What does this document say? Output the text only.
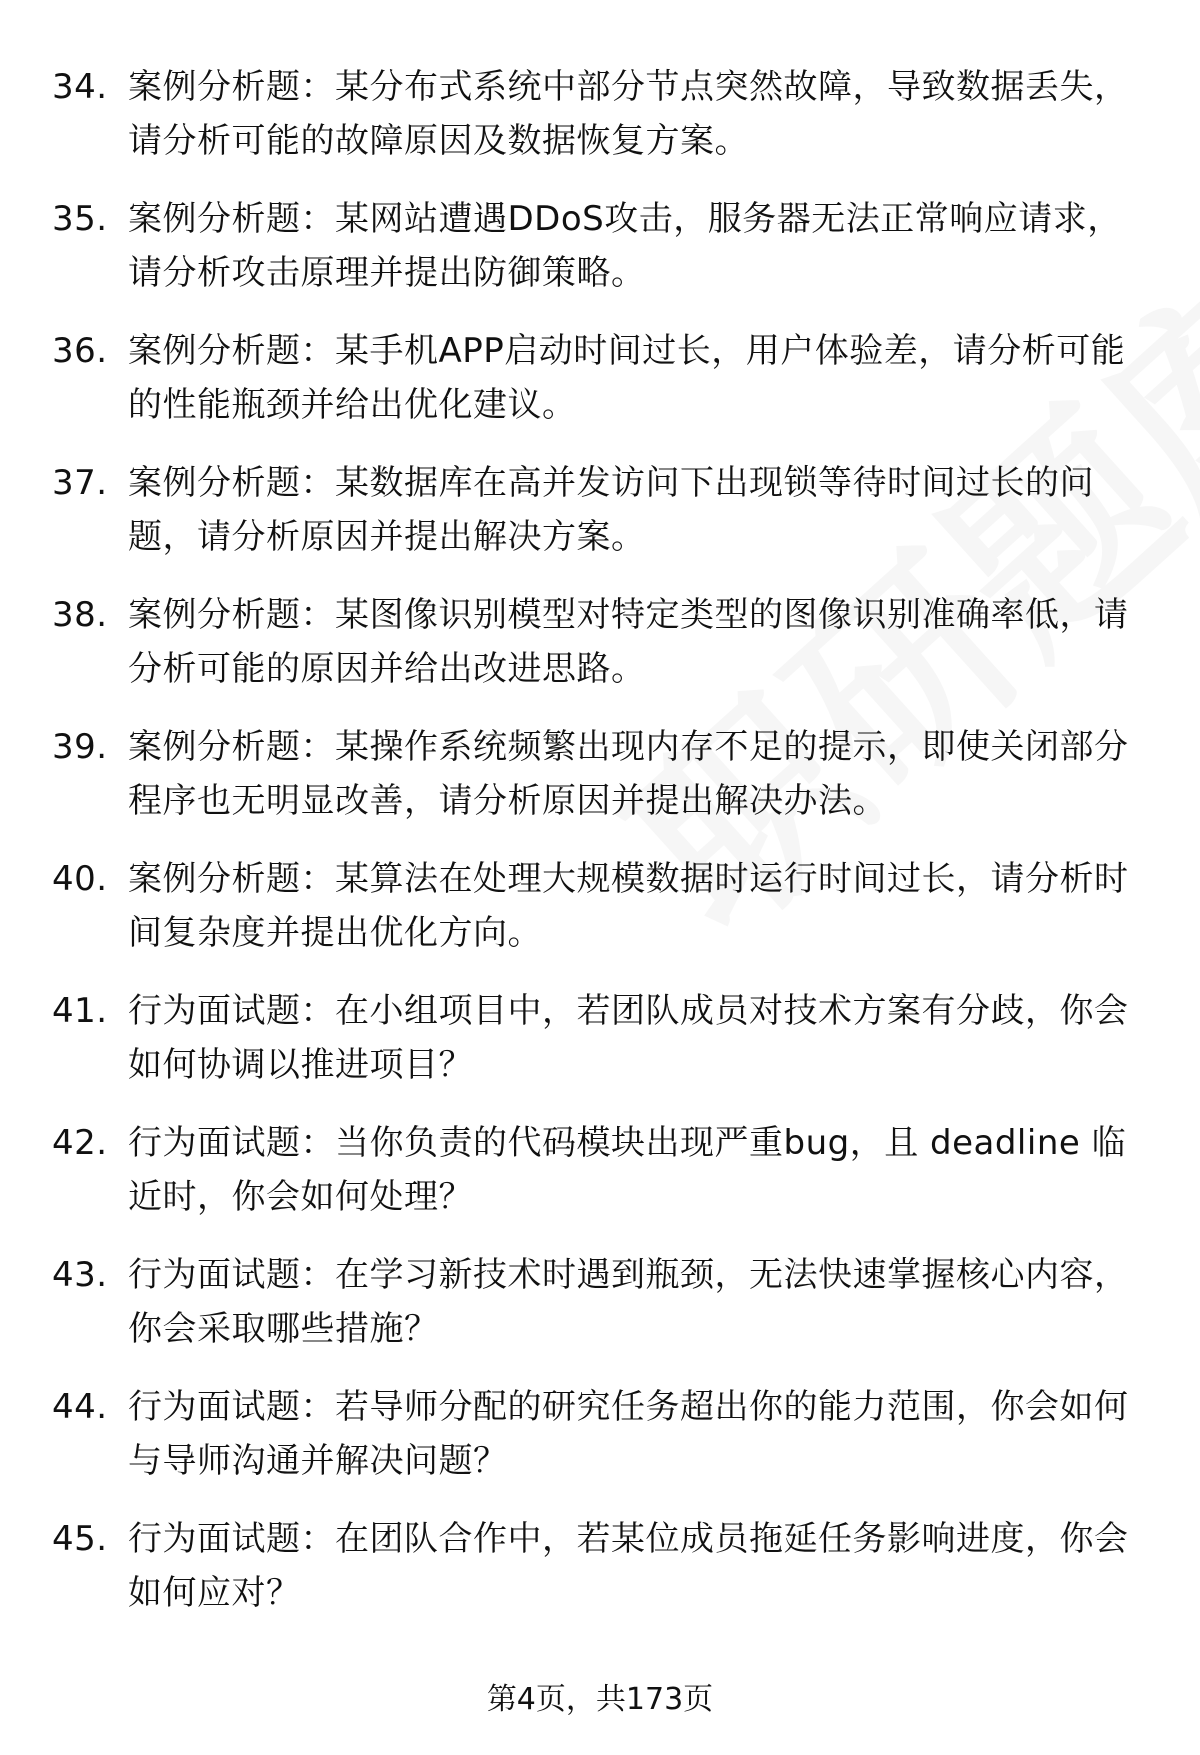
34. 案例分析题：某分布式系统中部分节点突然故障，导致数据丢失，请分析可能的故障原因及数据恢复方案。
35. 案例分析题：某网站遭遇DDoS攻击，服务器无法正常响应请求，请分析攻击原理并提出防御策略。
36. 案例分析题：某手机APP启动时间过长，用户体验差，请分析可能的性能瓶颈并给出优化建议。
37. 案例分析题：某数据库在高并发访问下出现锁等待时间过长的问题，请分析原因并提出解决方案。
38. 案例分析题：某图像识别模型对特定类型的图像识别准确率低，请分析可能的原因并给出改进思路。
39. 案例分析题：某操作系统频繁出现内存不足的提示，即使关闭部分程序也无明显改善，请分析原因并提出解决办法。
40. 案例分析题：某算法在处理大规模数据时运行时间过长，请分析时间复杂度并提出优化方向。
41. 行为面试题：在小组项目中，若团队成员对技术方案有分歧，你会如何协调以推进项目？
42. 行为面试题：当你负责的代码模块出现严重bug，且 deadline 临近时，你会如何处理？
43. 行为面试题：在学习新技术时遇到瓶颈，无法快速掌握核心内容，你会采取哪些措施？
44. 行为面试题：若导师分配的研究任务超出你的能力范围，你会如何与导师沟通并解决问题？
45. 行为面试题：在团队合作中，若某位成员拖延任务影响进度，你会如何应对？
第4页，共173页
